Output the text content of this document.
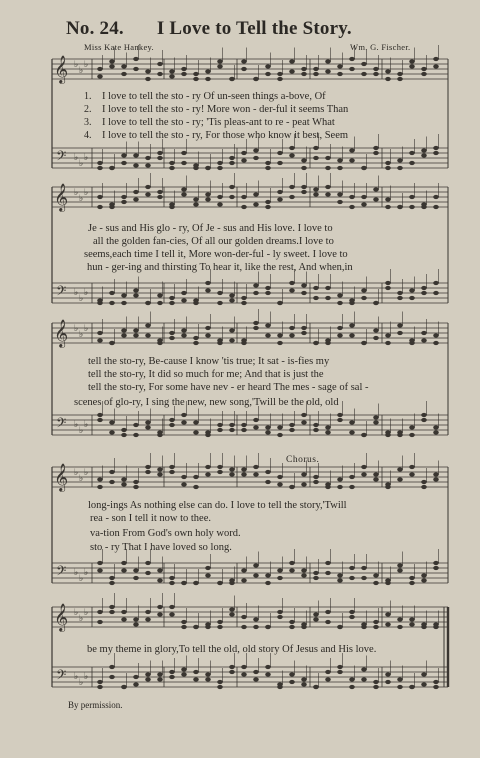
𝄞
𝄢
♭
♭
♭
♭
♭
♭
𝄞
𝄢
♭
♭
♭
♭
♭
♭
𝄞
𝄢
♭
♭
♭
♭
♭
♭
𝄞
𝄢
♭
♭
♭
♭
♭
♭
𝄞
𝄢
♭
♭
♭
♭
♭
♭
No. 24. I Love to Tell the Story.
Miss Kate Hankey.	Wm. G. Fischer.
1.
2.
3.
4.
I love to tell the sto - ry Of un-seen things a-bove, Of
I love to tell the sto - ry! More won - der-ful it seems Than
I love to tell the sto - ry; 'Tis pleas-ant to re - peat What
I love to tell the sto - ry, For those who know it best, Seem
Je - sus and His glo - ry, Of Je - sus and His love. I love to
all the golden fan-cies, Of all our golden dreams.I love to
seems,each time I tell it, More won-der-ful - ly sweet. I love to
hun - ger-ing and thirsting To hear it, like the rest, And when,in
tell the sto-ry, Be-cause I know 'tis true; It sat - is-fies my
tell the sto-ry, It did so much for me; And that is just the
tell the sto-ry, For some have nev - er heard The mes - sage of sal -
scenes of glo-ry, I sing the new, new song,'Twill be the old, old
Chorus.
long-ings As nothing else can do. I love to tell the story,'Twill
rea - son I tell it now to thee.
va-tion From God's own holy word.
sto - ry That I have loved so long.
be my theme in glory,To tell the old, old story Of Jesus and His love.
By permission.
